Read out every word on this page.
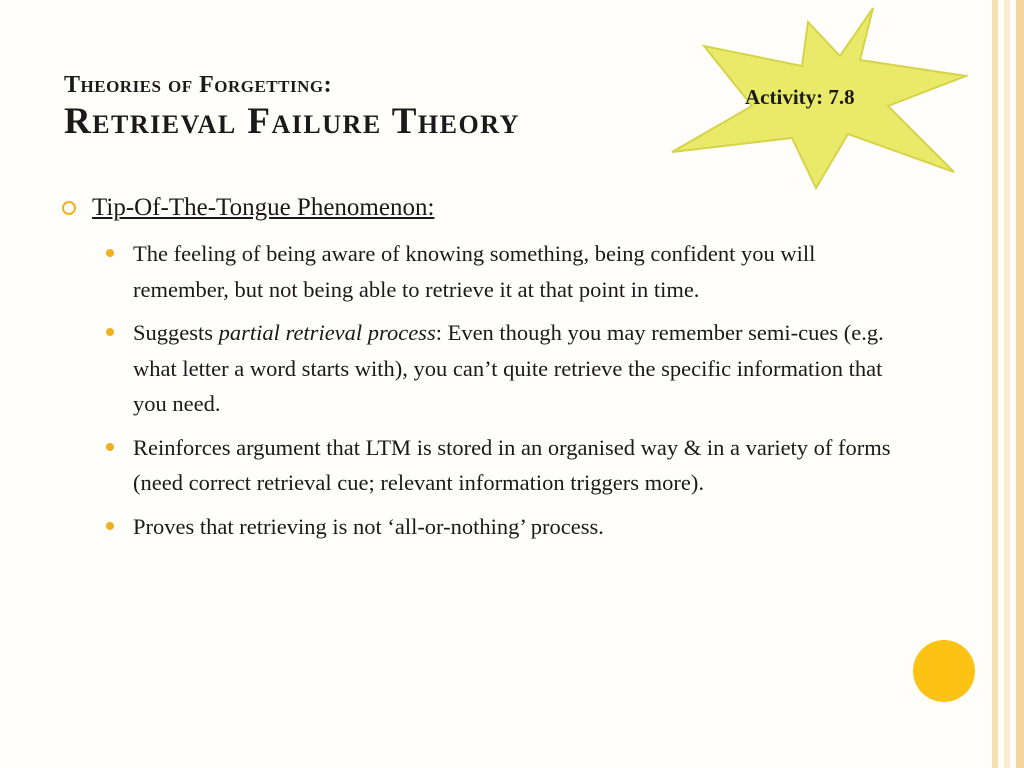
Activity: 7.8
Theories of Forgetting:
Retrieval Failure Theory
Tip-Of-The-Tongue Phenomenon:
The feeling of being aware of knowing something, being confident you will remember, but not being able to retrieve it at that point in time.
Suggests partial retrieval process: Even though you may remember semi-cues (e.g. what letter a word starts with), you can’t quite retrieve the specific information that you need.
Reinforces argument that LTM is stored in an organised way & in a variety of forms (need correct retrieval cue; relevant information triggers more).
Proves that retrieving is not ‘all-or-nothing’ process.
